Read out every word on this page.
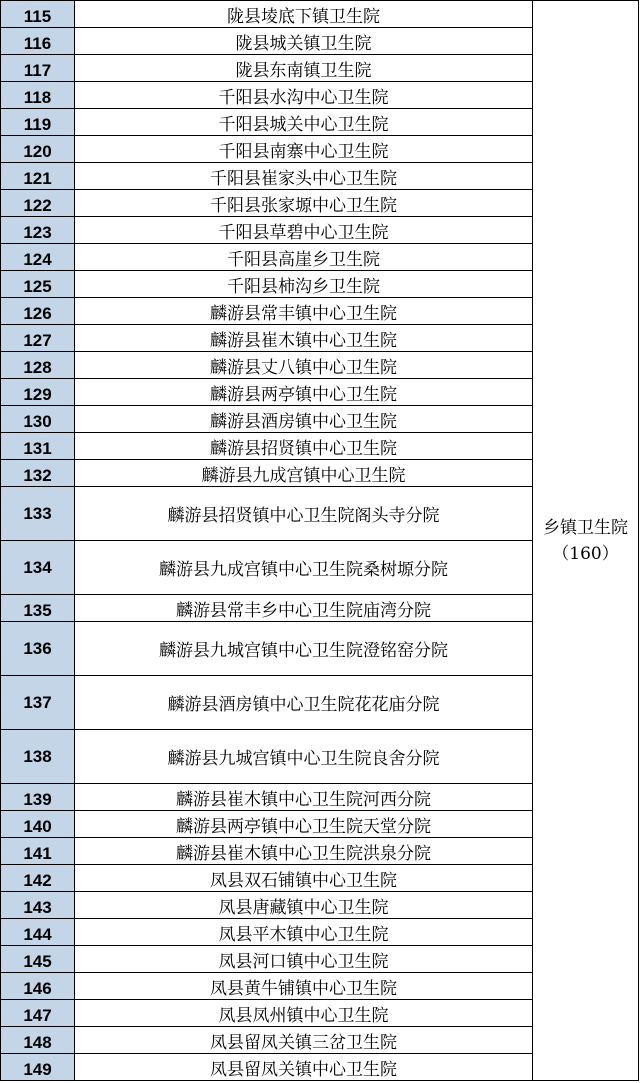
115	陇县堎底下镇卫生院	乡镇卫生院
（160）

116	陇县城关镇卫生院	
117	陇县东南镇卫生院	
118	千阳县水沟中心卫生院	
119	千阳县城关中心卫生院	
120	千阳县南寨中心卫生院	
121	千阳县崔家头中心卫生院	
122	千阳县张家塬中心卫生院	
123	千阳县草碧中心卫生院	
124	千阳县高崖乡卫生院	
125	千阳县柿沟乡卫生院	
126	麟游县常丰镇中心卫生院	
127	麟游县崔木镇中心卫生院	
128	麟游县丈八镇中心卫生院	
129	麟游县两亭镇中心卫生院	
130	麟游县酒房镇中心卫生院	
131	麟游县招贤镇中心卫生院	
132	麟游县九成宫镇中心卫生院	
133	麟游县招贤镇中心卫生院阁头寺分院	
134	麟游县九成宫镇中心卫生院桑树塬分院	
135	麟游县常丰乡中心卫生院庙湾分院	
136	麟游县九城宫镇中心卫生院澄铭窑分院	
137	麟游县酒房镇中心卫生院花花庙分院	
138	麟游县九城宫镇中心卫生院良舍分院	
139	麟游县崔木镇中心卫生院河西分院	
140	麟游县两亭镇中心卫生院天堂分院	
141	麟游县崔木镇中心卫生院洪泉分院	
142	凤县双石铺镇中心卫生院	
143	凤县唐藏镇中心卫生院	
144	凤县平木镇中心卫生院	
145	凤县河口镇中心卫生院	
146	凤县黄牛铺镇中心卫生院	
147	凤县凤州镇中心卫生院	
148	凤县留凤关镇三岔卫生院	
149	凤县留凤关镇中心卫生院	
